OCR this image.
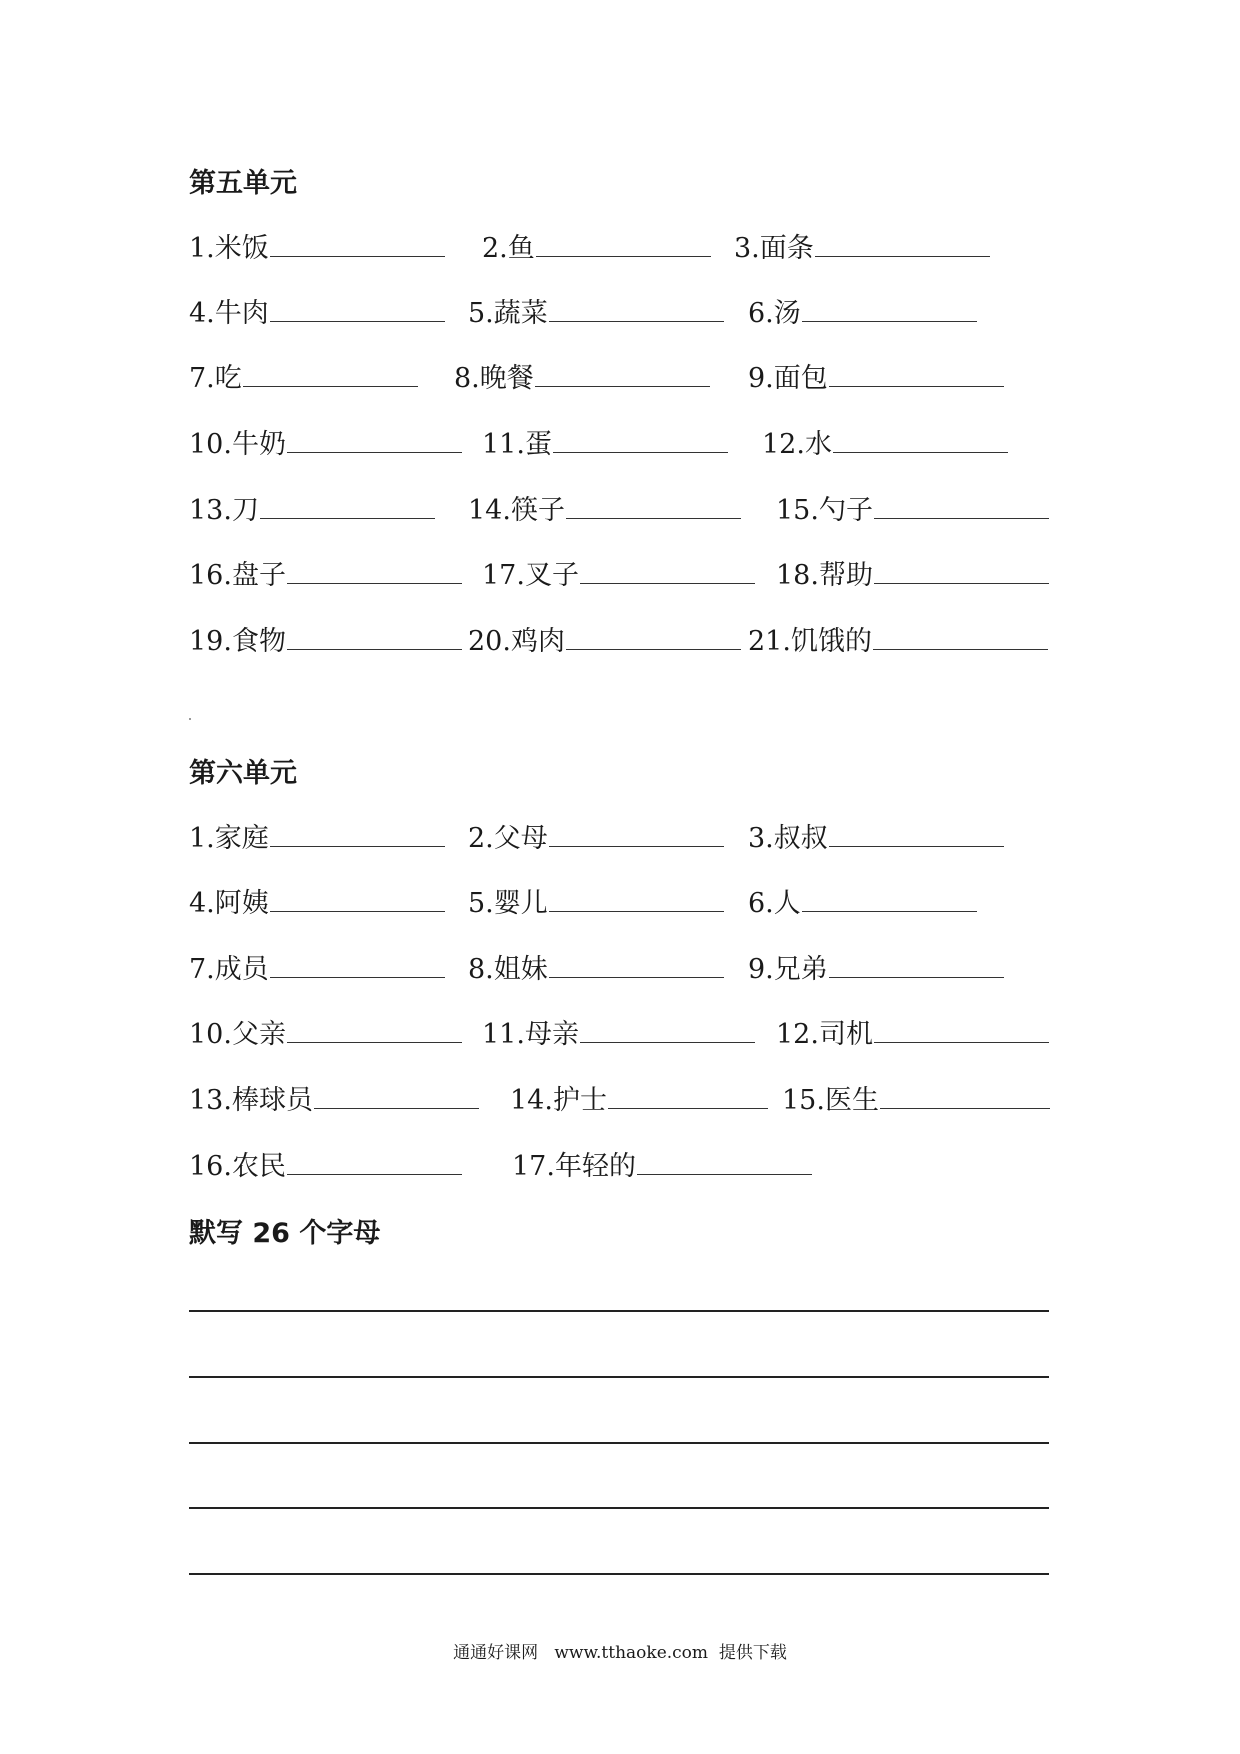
第五单元
1.米饭	2.鱼	3.面条
4.牛肉	5.蔬菜	6.汤
7.吃	8.晚餐	9.面包
10.牛奶	11.蛋	12.水
13.刀	14.筷子	15.勺子
16.盘子	17.叉子	18.帮助
19.食物	20.鸡肉	21.饥饿的
第六单元
1.家庭	2.父母	3.叔叔
4.阿姨	5.婴儿	6.人
7.成员	8.姐妹	9.兄弟
10.父亲	11.母亲	12.司机
13.棒球员	14.护士	15.医生
16.农民	17.年轻的
默写 26 个字母
通通好课网   www.tthaoke.com  提供下载
